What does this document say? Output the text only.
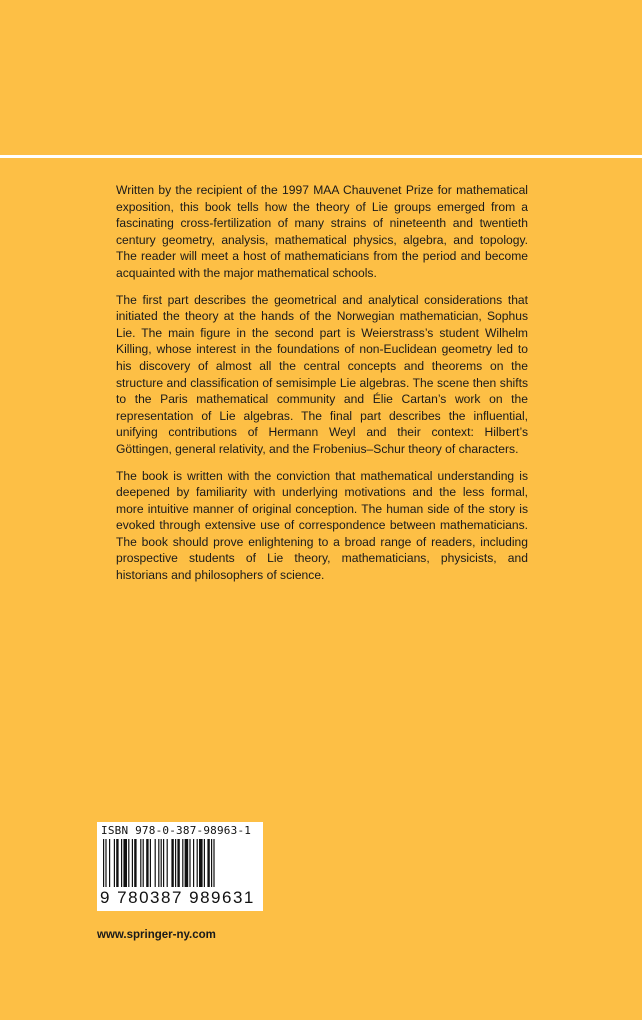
Written by the recipient of the 1997 MAA Chauvenet Prize for mathematical exposition, this book tells how the theory of Lie groups emerged from a fascinating cross-fertilization of many strains of nineteenth and twentieth century geometry, analysis, mathematical physics, algebra, and topology. The reader will meet a host of mathematicians from the period and become acquainted with the major mathematical schools.

The first part describes the geometrical and analytical considerations that initiated the theory at the hands of the Norwegian mathematician, Sophus Lie. The main figure in the second part is Weierstrass’s student Wilhelm Killing, whose interest in the foundations of non-Euclidean geometry led to his discovery of almost all the central concepts and theorems on the structure and classification of semisimple Lie algebras. The scene then shifts to the Paris mathematical community and Élie Cartan’s work on the representation of Lie algebras. The final part describes the influential, unifying contributions of Hermann Weyl and their context: Hilbert’s Göttingen, general relativity, and the Frobenius–Schur theory of characters.

The book is written with the conviction that mathematical understanding is deepened by familiarity with underlying motivations and the less formal, more intuitive manner of original conception. The human side of the story is evoked through extensive use of correspondence between mathematicians. The book should prove enlightening to a broad range of readers, including prospective students of Lie theory, mathematicians, physicists, and historians and philosophers of science.

ISBN 978-0-387-98963-1
9 780387 989631
www.springer-ny.com
